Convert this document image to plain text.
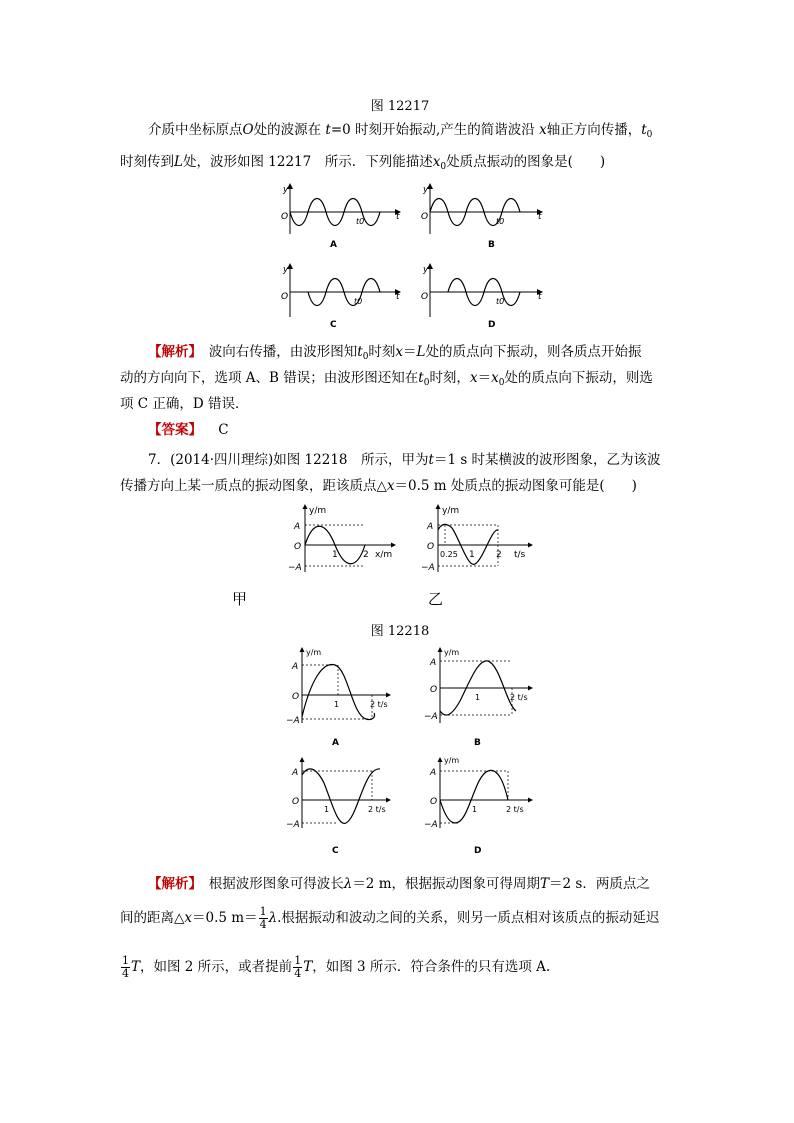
图 12217
介质中坐标原点O处的波源在 t=0 时刻开始振动,产生的简谐波沿 x轴正方向传播，$t_0$
时刻传到L处，波形如图 12217　所示．下列能描述$x_0$处质点振动的图象是(　　)
y
O	t
t0
A
y
O	t
t0
B
y
O	t
t0
C
y
O	t
t0
D
【解析】　波向右传播，由波形图知$t_0$时刻x＝L处的质点向下振动，则各质点开始振
动的方向向下，选项 A、B 错误；由波形图还知在$t_0$时刻，$x=x_0$处的质点向下振动，则选
项 C 正确，D 错误．
【答案】 C
7．(2014·四川理综)如图 12218　所示，甲为t＝1 s 时某横波的波形图象，乙为该波
传播方向上某一质点的振动图象，距该质点△x＝0.5 m 处质点的振动图象可能是(　　)
y/m
A
O
−A
1	2 x/m
y/m
A
O
−A
0.25 1 2 t/s
甲	乙
图 12218
y/m
A
O
−A
1	2 t/s
A
y/m
A
O
−A
1	2 t/s
B
A
O
−A
1	2 t/s
C
y/m
A
O
−A
1	2 t/s
D
【解析】　根据波形图象可得波长λ＝2 m，根据振动图象可得周期T＝2 s．两质点之
间的距离△x＝0.5 $m= \frac{1}{4} \lambda$.根据振动和波动之间的关系，则另一质点相对该质点的振动延迟
$\frac{1}{4}$ T，如图 2 所示，或者提前 $\frac{1}{4}$ T，如图 3 所示．符合条件的只有选项 A.
